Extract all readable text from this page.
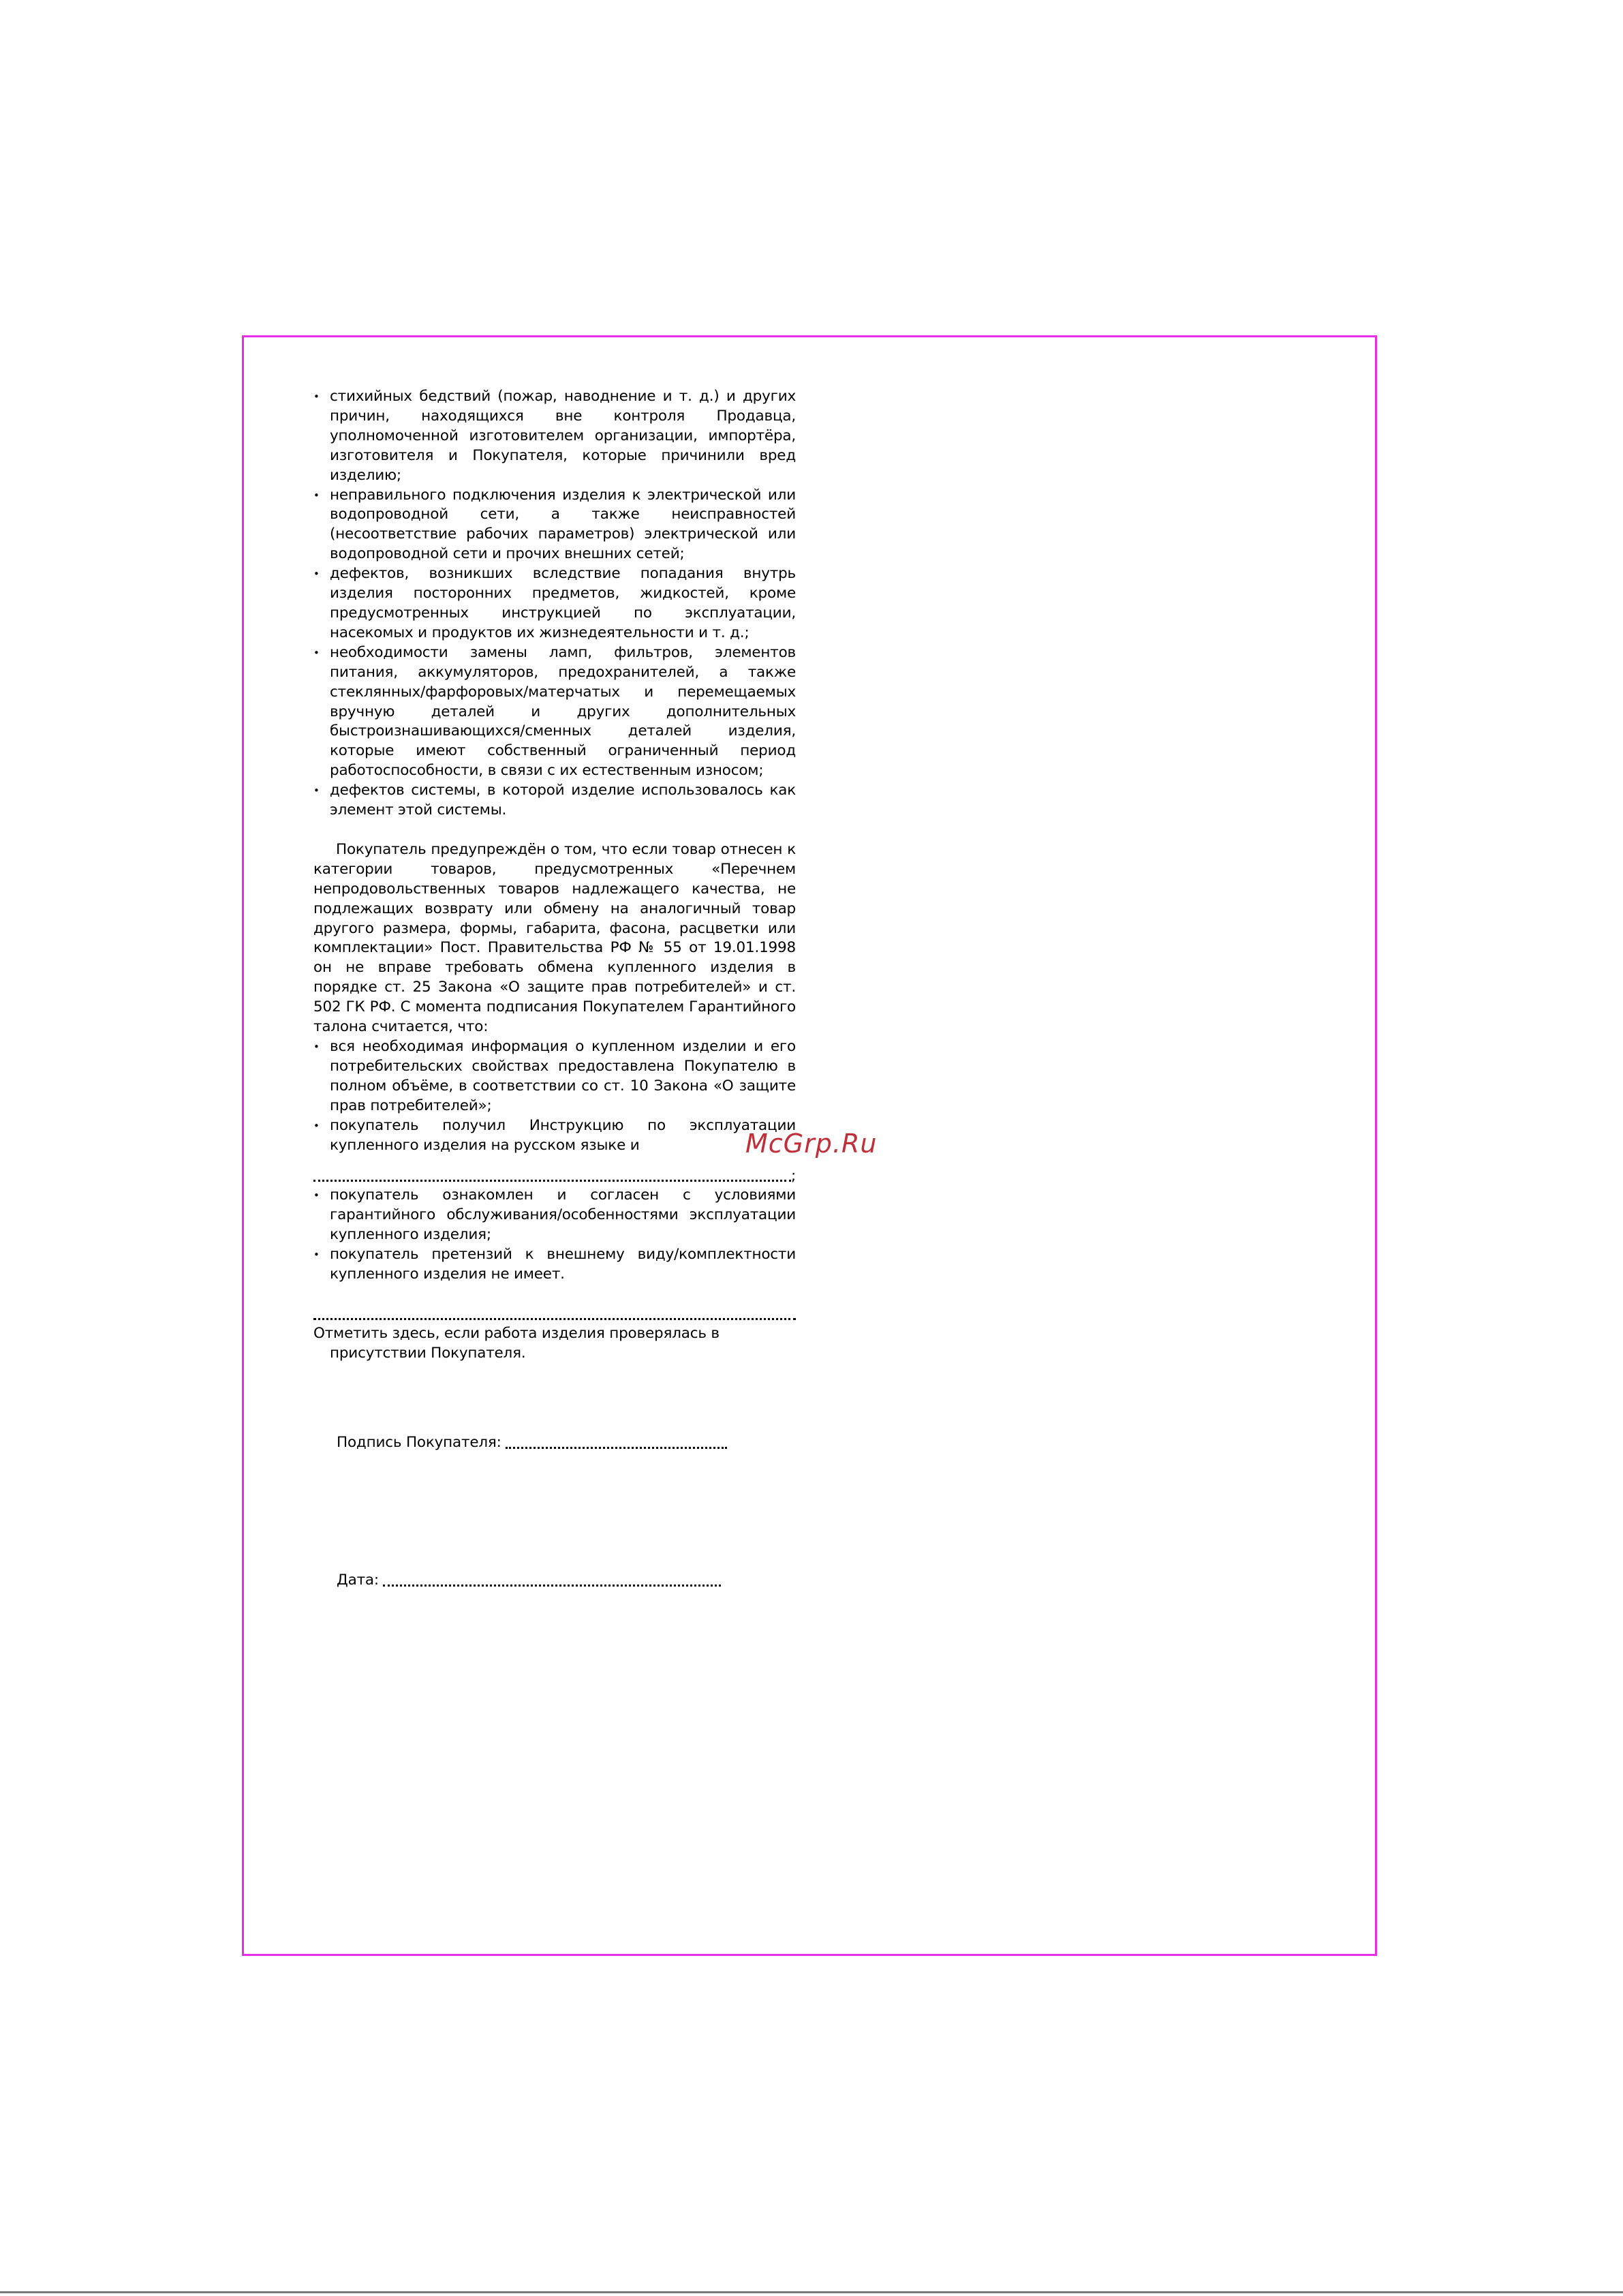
• стихийных бедствий (пожар, наводнение и т. д.) и других причин, находящихся вне контроля Продавца, уполномоченной изготовителем организации, импортёра, изготовителя и Покупателя, которые причинили вред изделию;
• неправильного подключения изделия к электрической или водопроводной сети, а также неисправностей (несоответствие рабочих параметров) электрической или водопроводной сети и прочих внешних сетей;
• дефектов, возникших вследствие попадания внутрь изделия посторонних предметов, жидкостей, кроме предусмотренных инструкцией по эксплуатации, насекомых и продуктов их жизнедеятельности и т. д.;
• необходимости замены ламп, фильтров, элементов питания, аккумуляторов, предохранителей, а также стеклянных/фарфоровых/матерчатых и перемещаемых вручную деталей и других дополнительных быстроизнашивающихся/сменных деталей изделия, которые имеют собственный ограниченный период работоспособности, в связи с их естественным износом;
• дефектов системы, в которой изделие использовалось как элемент этой системы.

Покупатель предупреждён о том, что если товар отнесен к категории товаров, предусмотренных «Перечнем непродовольственных товаров надлежащего качества, не подлежащих возврату или обмену на аналогичный товар другого размера, формы, габарита, фасона, расцветки или комплектации» Пост. Правительства РФ № 55 от 19.01.1998 он не вправе требовать обмена купленного изделия в порядке ст. 25 Закона «О защите прав потребителей» и ст. 502 ГК РФ. С момента подписания Покупателем Гарантийного талона считается, что:

• вся необходимая информация о купленном изделии и его потребительских свойствах предоставлена Покупателю в полном объёме, в соответствии со ст. 10 Закона «О защите прав потребителей»;
• покупатель получил Инструкцию по эксплуатации купленного изделия на русском языке и
;
• покупатель ознакомлен и согласен с условиями гарантийного обслуживания/особенностями эксплуатации купленного изделия;
• покупатель претензий к внешнему виду/комплектности купленного изделия не имеет.

Отметить здесь, если работа изделия проверялась в присутствии Покупателя.

Подпись Покупателя:
Дата:
McGrp.Ru
